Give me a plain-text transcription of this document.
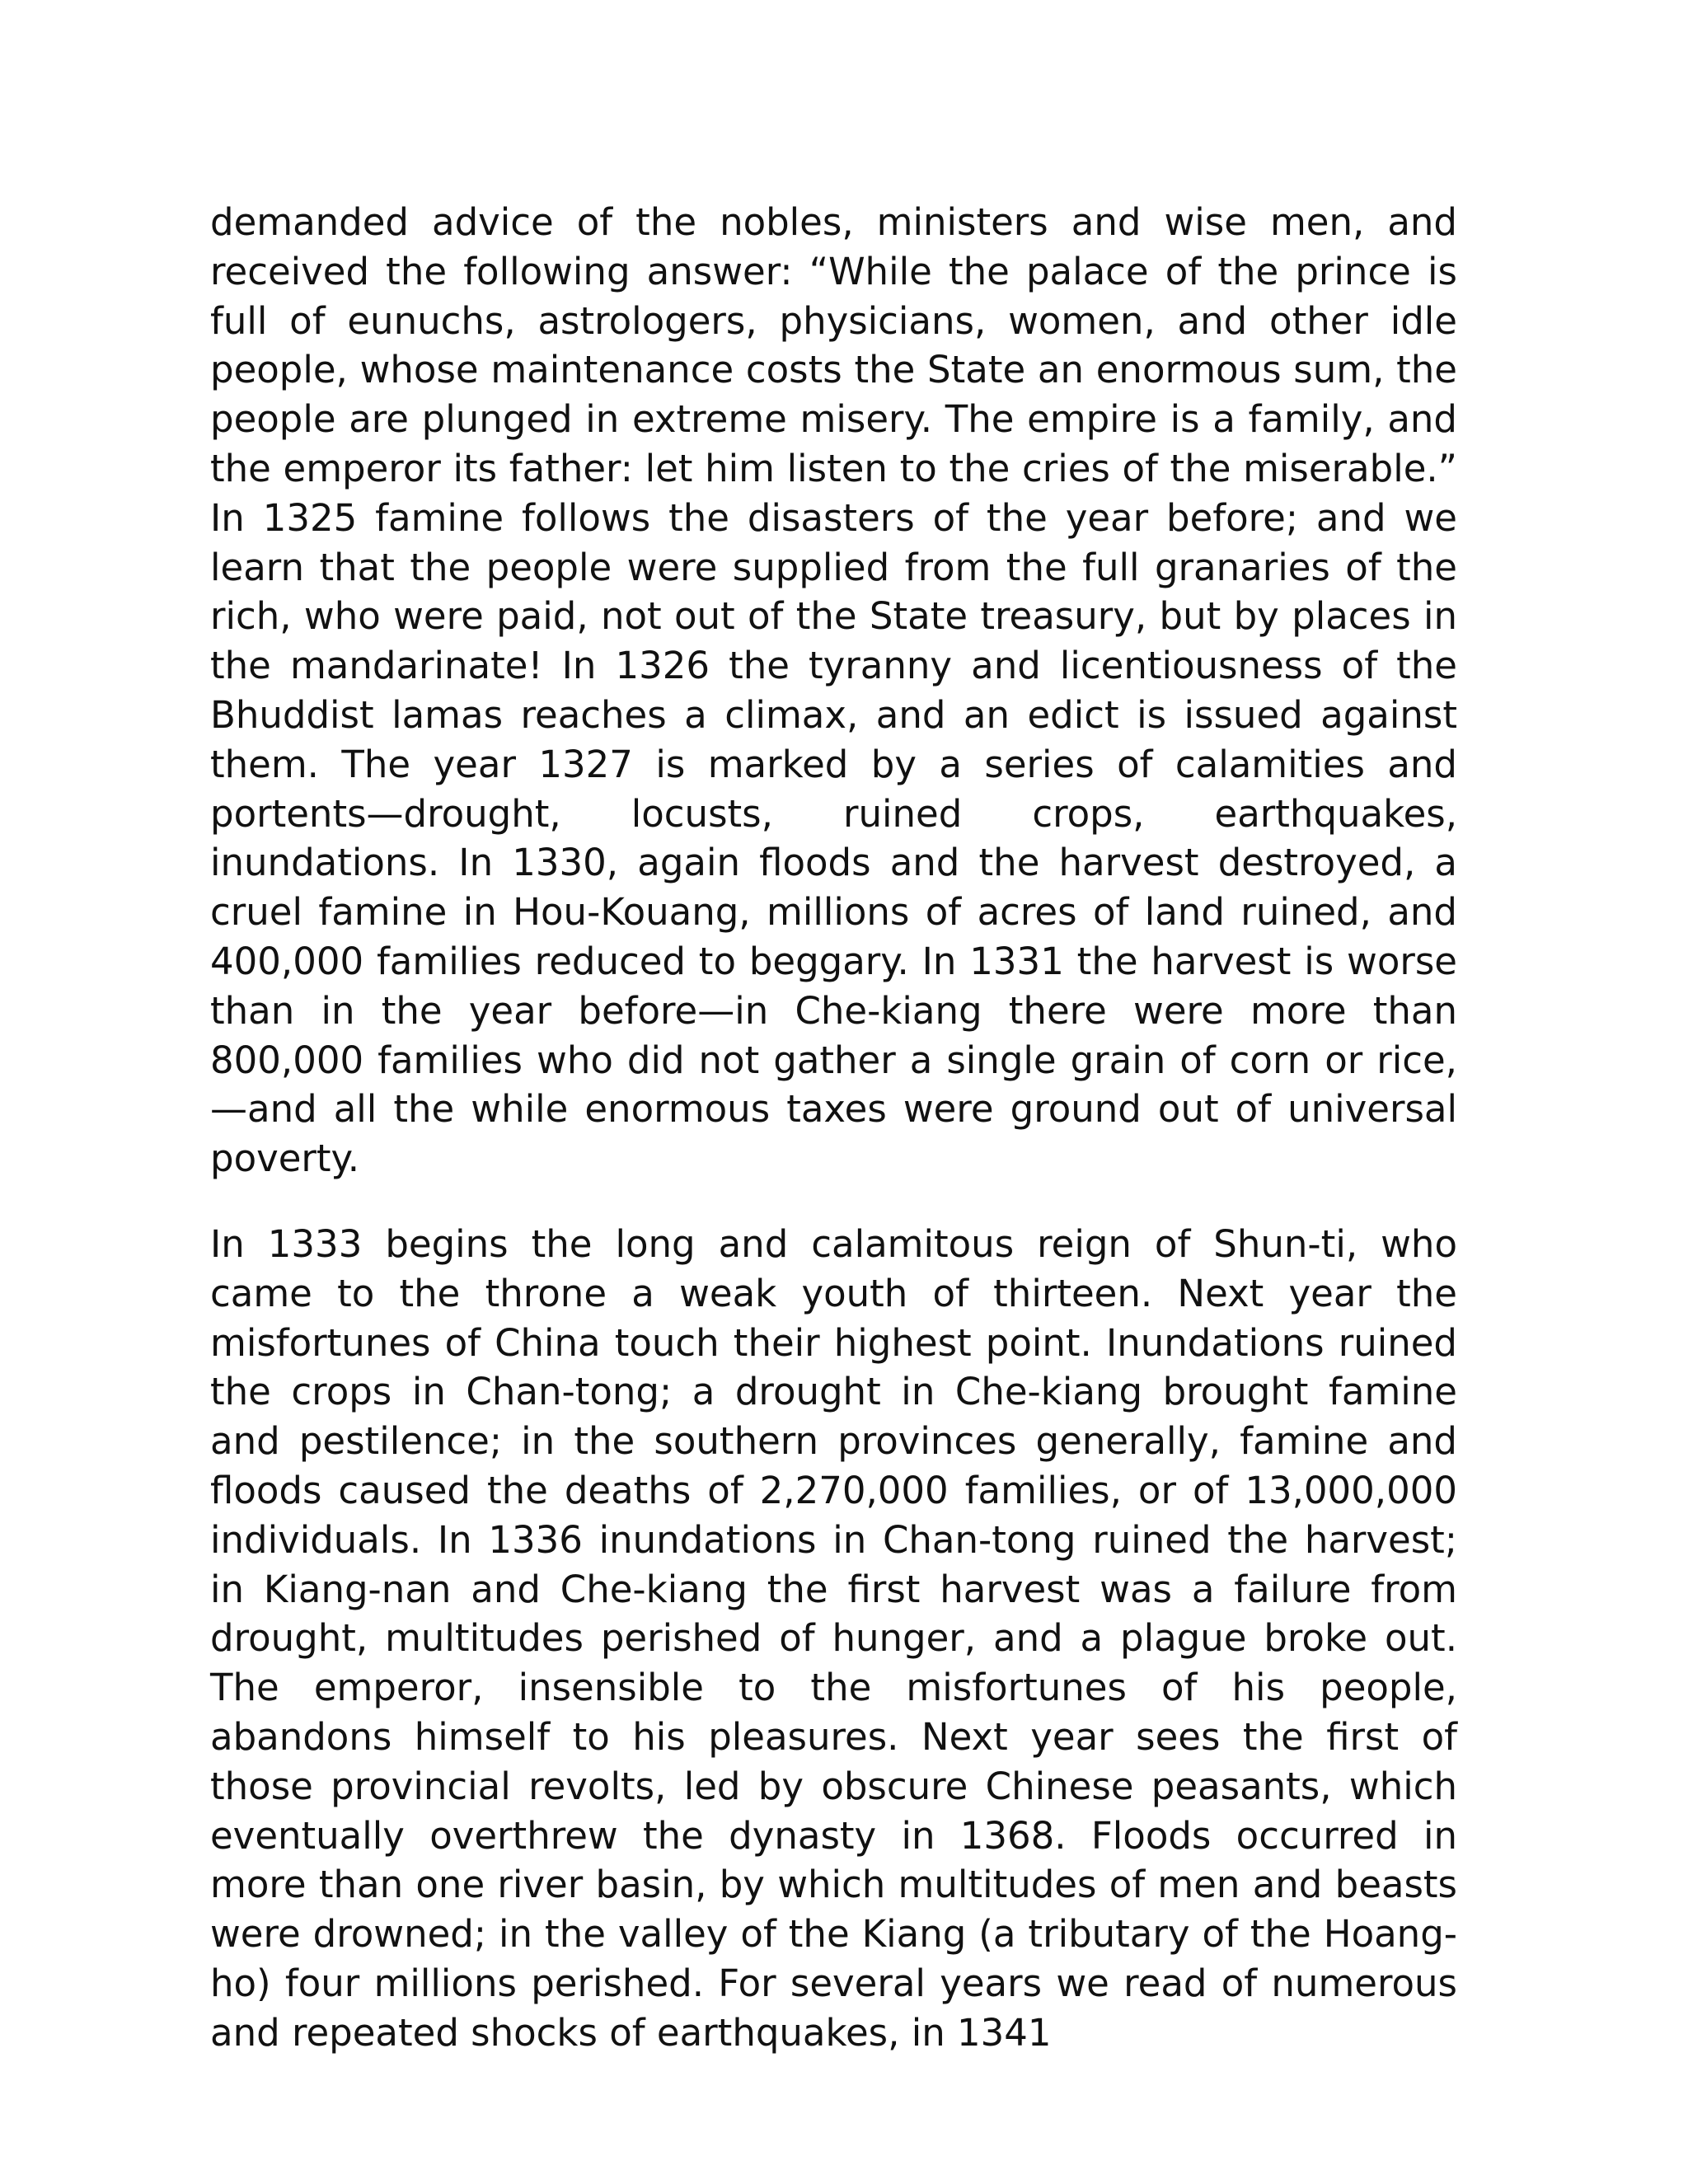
demanded advice of the nobles, ministers and wise men, and received the following answer: “While the palace of the prince is full of eunuchs, astrologers, physicians, women, and other idle people, whose maintenance costs the State an enormous sum, the people are plunged in extreme misery. The empire is a family, and the emperor its father: let him listen to the cries of the miserable.” In 1325 famine follows the disasters of the year before; and we learn that the people were supplied from the full granaries of the rich, who were paid, not out of the State treasury, but by places in the mandarinate! In 1326 the tyranny and licentiousness of the Bhuddist lamas reaches a climax, and an edict is issued against them. The year 1327 is marked by a series of calamities and portents—drought, locusts, ruined crops, earthquakes, inundations. In 1330, again floods and the harvest destroyed, a cruel famine in Hou-Kouang, millions of acres of land ruined, and 400,000 families reduced to beggary. In 1331 the harvest is worse than in the year before—in Che-kiang there were more than 800,000 families who did not gather a single grain of corn or rice,—and all the while enormous taxes were ground out of universal poverty.

In 1333 begins the long and calamitous reign of Shun-ti, who came to the throne a weak youth of thirteen. Next year the misfortunes of China touch their highest point. Inundations ruined the crops in Chan-tong; a drought in Che-kiang brought famine and pestilence; in the southern provinces generally, famine and floods caused the deaths of 2,270,000 families, or of 13,000,000 individuals. In 1336 inundations in Chan-tong ruined the harvest; in Kiang-nan and Che-kiang the first harvest was a failure from drought, multitudes perished of hunger, and a plague broke out. The emperor, insensible to the misfortunes of his people, abandons himself to his pleasures. Next year sees the first of those provincial revolts, led by obscure Chinese peasants, which eventually overthrew the dynasty in 1368. Floods occurred in more than one river basin, by which multitudes of men and beasts were drowned; in the valley of the Kiang (a tributary of the Hoang-ho) four millions perished. For several years we read of numerous and repeated shocks of earthquakes, in 1341
